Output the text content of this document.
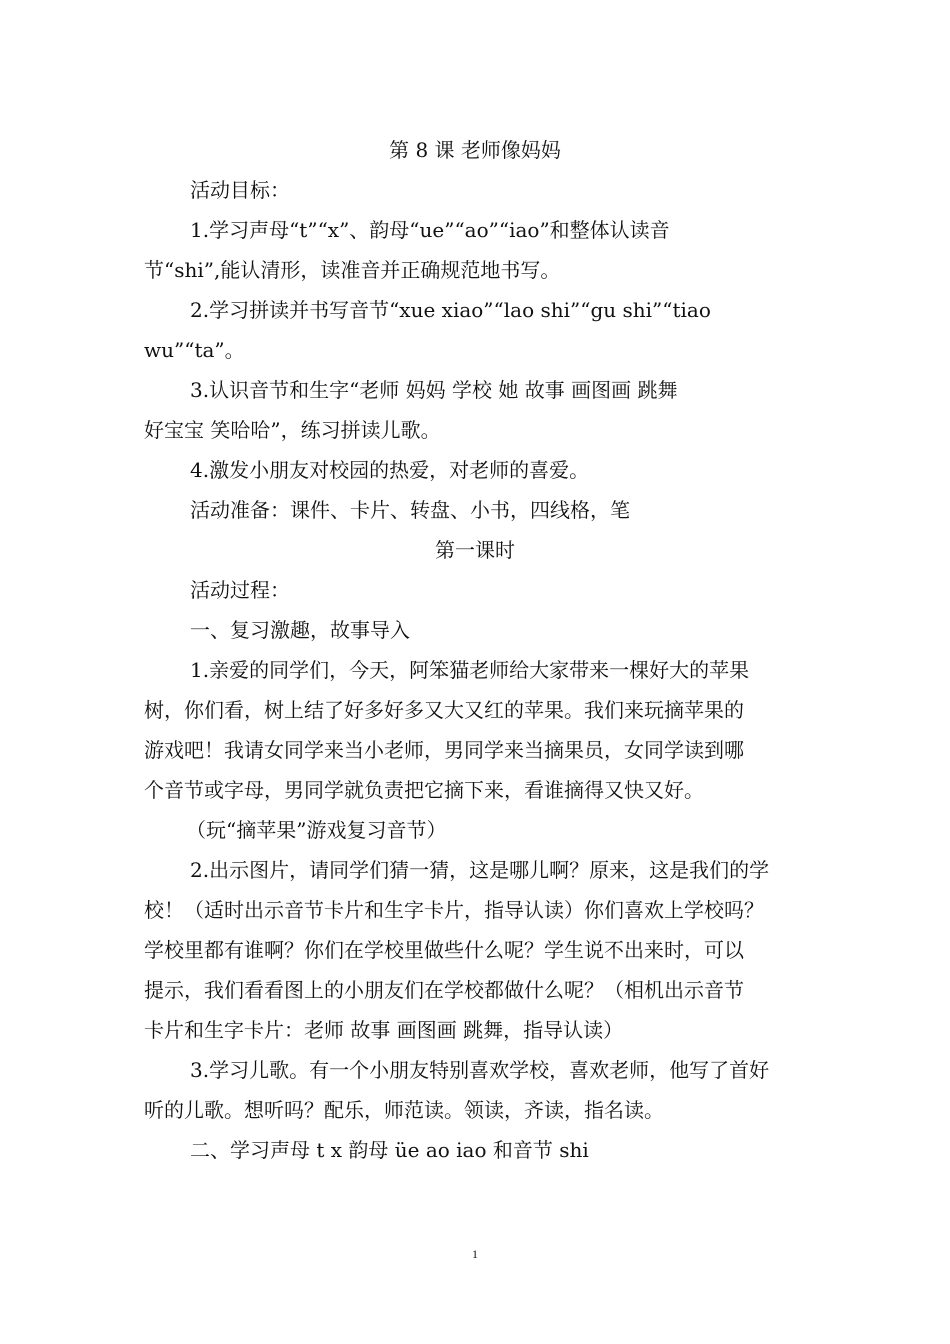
第 8 课 老师像妈妈
活动目标：
1.学习声母“t”“x”、韵母“ue”“ao”“iao”和整体认读音
节“shi”,能认清形，读准音并正确规范地书写。
2.学习拼读并书写音节“xue xiao”“lao shi”“gu shi”“tiao
wu”“ta”。
3.认识音节和生字“老师 妈妈 学校 她 故事 画图画 跳舞
好宝宝 笑哈哈”，练习拼读儿歌。
4.激发小朋友对校园的热爱，对老师的喜爱。
活动准备：课件、卡片、转盘、小书，四线格，笔
第一课时
活动过程：
一、复习激趣，故事导入
1.亲爱的同学们，今天，阿笨猫老师给大家带来一棵好大的苹果
树，你们看，树上结了好多好多又大又红的苹果。我们来玩摘苹果的
游戏吧！我请女同学来当小老师，男同学来当摘果员，女同学读到哪
个音节或字母，男同学就负责把它摘下来，看谁摘得又快又好。
（玩“摘苹果”游戏复习音节）
2.出示图片，请同学们猜一猜，这是哪儿啊？原来，这是我们的学
校！（适时出示音节卡片和生字卡片，指导认读）你们喜欢上学校吗？
学校里都有谁啊？你们在学校里做些什么呢？学生说不出来时，可以
提示，我们看看图上的小朋友们在学校都做什么呢？（相机出示音节
卡片和生字卡片：老师 故事 画图画 跳舞，指导认读）
3.学习儿歌。有一个小朋友特别喜欢学校，喜欢老师，他写了首好
听的儿歌。想听吗？配乐，师范读。领读，齐读，指名读。
二、学习声母 t x 韵母 üe ao iao 和音节 shi
1
